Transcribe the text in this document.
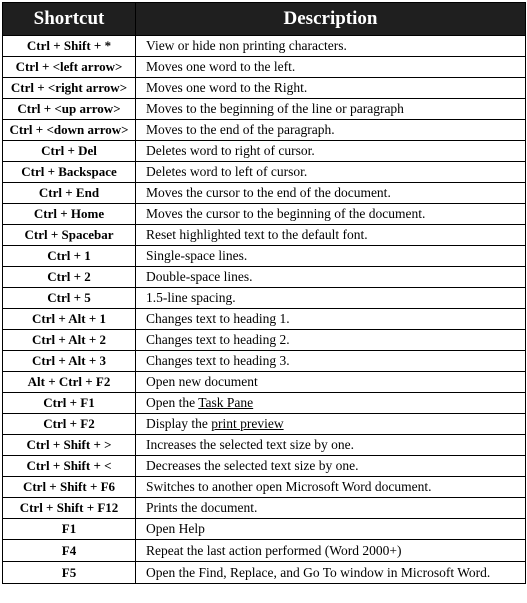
Shortcut	Description
Ctrl + Shift + *	View or hide non printing characters.
Ctrl + <left arrow>	Moves one word to the left.
Ctrl + <right arrow>	Moves one word to the Right.
Ctrl + <up arrow>	Moves to the beginning of the line or paragraph
Ctrl + <down arrow>	Moves to the end of the paragraph.
Ctrl + Del	Deletes word to right of cursor.
Ctrl + Backspace	Deletes word to left of cursor.
Ctrl + End	Moves the cursor to the end of the document.
Ctrl + Home	Moves the cursor to the beginning of the document.
Ctrl + Spacebar	Reset highlighted text to the default font.
Ctrl + 1	Single-space lines.
Ctrl + 2	Double-space lines.
Ctrl + 5	1.5-line spacing.
Ctrl + Alt + 1	Changes text to heading 1.
Ctrl + Alt + 2	Changes text to heading 2.
Ctrl + Alt + 3	Changes text to heading 3.
Alt + Ctrl + F2	Open new document
Ctrl + F1	Open the Task Pane
Ctrl + F2	Display the print preview
Ctrl + Shift + >	Increases the selected text size by one.
Ctrl + Shift + <	Decreases the selected text size by one.
Ctrl + Shift + F6	Switches to another open Microsoft Word document.
Ctrl + Shift + F12	Prints the document.
F1	Open Help
F4	Repeat the last action performed (Word 2000+)
F5	Open the Find, Replace, and Go To window in Microsoft Word.
